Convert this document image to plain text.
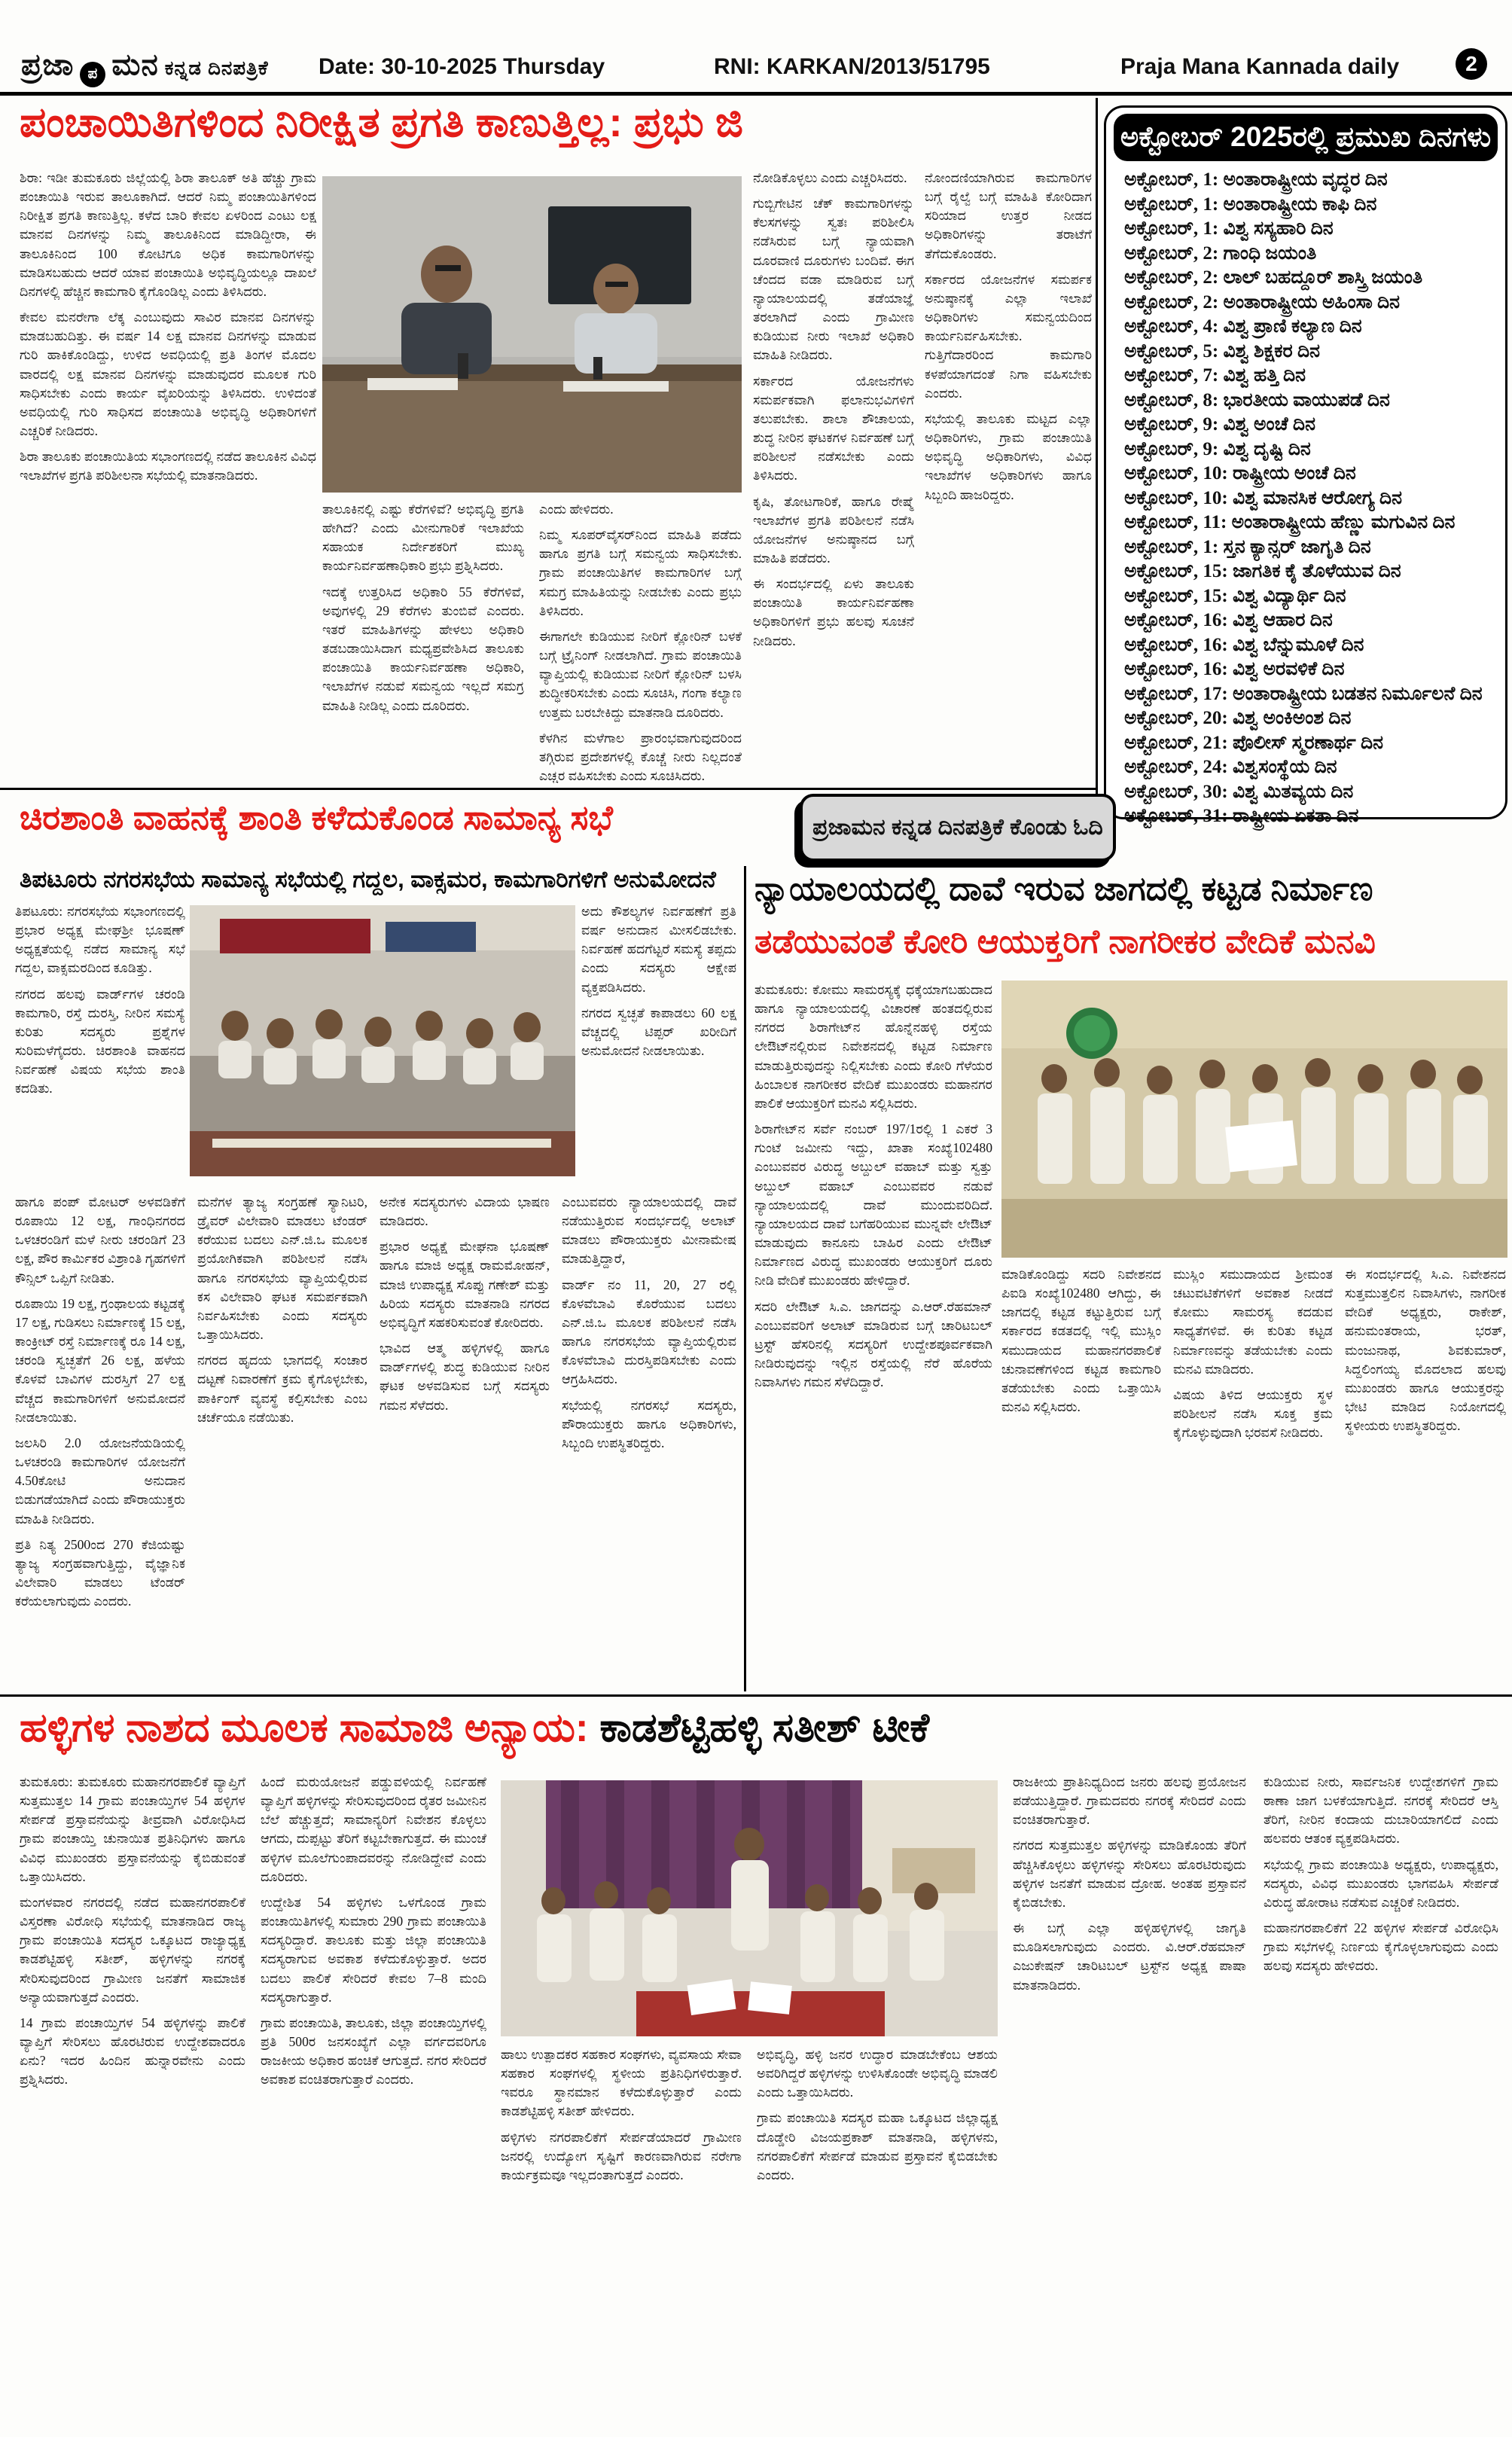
ಪ್ರಜಾ ಪ ಮನ ಕನ್ನಡ ದಿನಪತ್ರಿಕೆ Date: 30-10-2025 Thursday	RNI: KARKAN/2013/51795	Praja Mana Kannada daily	2
ಪಂಚಾಯಿತಿಗಳಿಂದ ನಿರೀಕ್ಷಿತ ಪ್ರಗತಿ ಕಾಣುತ್ತಿಲ್ಲ: ಪ್ರಭು ಜಿ

ಶಿರಾ: ಇಡೀ ತುಮಕೂರು ಜಿಲ್ಲೆಯಲ್ಲಿ ಶಿರಾ ತಾಲೂಕ್ ಅತಿ ಹೆಚ್ಚು ಗ್ರಾಮ ಪಂಚಾಯಿತಿ ಇರುವ ತಾಲೂಕಾಗಿದೆ. ಆದರೆ ನಿಮ್ಮ ಪಂಚಾಯಿತಿಗಳಿಂದ ನಿರೀಕ್ಷಿತ ಪ್ರಗತಿ ಕಾಣುತ್ತಿಲ್ಲ. ಕಳೆದ ಬಾರಿ ಕೇವಲ ಏಳರಿಂದ ಎಂಟು ಲಕ್ಷ ಮಾನವ ದಿನಗಳನ್ನು ನಿಮ್ಮ ತಾಲೂಕಿನಿಂದ ಮಾಡಿದ್ದೀರಾ, ಈ ತಾಲೂಕಿನಿಂದ 100 ಕೋಟಿಗೂ ಅಧಿಕ ಕಾಮಗಾರಿಗಳನ್ನು ಮಾಡಿಸಬಹುದು ಆದರೆ ಯಾವ ಪಂಚಾಯಿತಿ ಅಭಿವೃದ್ಧಿಯಲ್ಲೂ ದಾಖಲೆ ದಿನಗಳಲ್ಲಿ ಹೆಚ್ಚಿನ ಕಾಮಗಾರಿ ಕೈಗೊಂಡಿಲ್ಲ ಎಂದು ತಿಳಿಸಿದರು.

ಕೇವಲ ಮನರೇಗಾ ಲೆಕ್ಕ ಎಂಬುವುದು ಸಾವಿರ ಮಾನವ ದಿನಗಳನ್ನು ಮಾಡಬಹುದಿತ್ತು. ಈ ವರ್ಷ 14 ಲಕ್ಷ ಮಾನವ ದಿನಗಳನ್ನು ಮಾಡುವ ಗುರಿ ಹಾಕಿಕೊಂಡಿದ್ದು, ಉಳಿದ ಅವಧಿಯಲ್ಲಿ ಪ್ರತಿ ತಿಂಗಳ ಮೊದಲ ವಾರದಲ್ಲಿ ಲಕ್ಷ ಮಾನವ ದಿನಗಳನ್ನು ಮಾಡುವುದರ ಮೂಲಕ ಗುರಿ ಸಾಧಿಸಬೇಕು ಎಂದು ಕಾರ್ಯ ವೈಖರಿಯನ್ನು ತಿಳಿಸಿದರು. ಉಳಿದಂತೆ ಅವಧಿಯಲ್ಲಿ ಗುರಿ ಸಾಧಿಸದ ಪಂಚಾಯಿತಿ ಅಭಿವೃದ್ಧಿ ಅಧಿಕಾರಿಗಳಿಗೆ ಎಚ್ಚರಿಕೆ ನೀಡಿದರು.

ಶಿರಾ ತಾಲೂಕು ಪಂಚಾಯಿತಿಯ ಸಭಾಂಗಣದಲ್ಲಿ ನಡೆದ ತಾಲೂಕಿನ ವಿವಿಧ ಇಲಾಖೆಗಳ ಪ್ರಗತಿ ಪರಿಶೀಲನಾ ಸಭೆಯಲ್ಲಿ ಮಾತನಾಡಿದರು.

ತಾಲೂಕಿನಲ್ಲಿ ಎಷ್ಟು ಕೆರೆಗಳಿವೆ? ಅಭಿವೃದ್ಧಿ ಪ್ರಗತಿ ಹೇಗಿದೆ? ಎಂದು ಮೀನುಗಾರಿಕೆ ಇಲಾಖೆಯ ಸಹಾಯಕ ನಿರ್ದೇಶಕರಿಗೆ ಮುಖ್ಯ ಕಾರ್ಯನಿರ್ವಹಣಾಧಿಕಾರಿ ಪ್ರಭು ಪ್ರಶ್ನಿಸಿದರು.

ಇದಕ್ಕೆ ಉತ್ತರಿಸಿದ ಅಧಿಕಾರಿ 55 ಕೆರೆಗಳಿವೆ, ಅವುಗಳಲ್ಲಿ 29 ಕೆರೆಗಳು ತುಂಬಿವೆ ಎಂದರು. ಇತರೆ ಮಾಹಿತಿಗಳನ್ನು ಹೇಳಲು ಅಧಿಕಾರಿ ತಡಬಡಾಯಿಸಿದಾಗ ಮಧ್ಯಪ್ರವೇಶಿಸಿದ ತಾಲೂಕು ಪಂಚಾಯಿತಿ ಕಾರ್ಯನಿರ್ವಹಣಾ ಅಧಿಕಾರಿ, ಇಲಾಖೆಗಳ ನಡುವೆ ಸಮನ್ವಯ ಇಲ್ಲದೆ ಸಮಗ್ರ ಮಾಹಿತಿ ನೀಡಿಲ್ಲ ಎಂದು ದೂರಿದರು.

ಎಂದು ಹೇಳಿದರು.

ನಿಮ್ಮ ಸೂಪರ್‌ವೈಸರ್‌ನಿಂದ ಮಾಹಿತಿ ಪಡೆದು ಹಾಗೂ ಪ್ರಗತಿ ಬಗ್ಗೆ ಸಮನ್ವಯ ಸಾಧಿಸಬೇಕು. ಗ್ರಾಮ ಪಂಚಾಯಿತಿಗಳ ಕಾಮಗಾರಿಗಳ ಬಗ್ಗೆ ಸಮಗ್ರ ಮಾಹಿತಿಯನ್ನು ನೀಡಬೇಕು ಎಂದು ಪ್ರಭು ತಿಳಿಸಿದರು.

ಈಗಾಗಲೇ ಕುಡಿಯುವ ನೀರಿಗೆ ಕ್ಲೋರಿನ್ ಬಳಕೆ ಬಗ್ಗೆ ಟ್ರೈನಿಂಗ್ ನೀಡಲಾಗಿದೆ. ಗ್ರಾಮ ಪಂಚಾಯಿತಿ ವ್ಯಾಪ್ತಿಯಲ್ಲಿ ಕುಡಿಯುವ ನೀರಿಗೆ ಕ್ಲೋರಿನ್ ಬಳಸಿ ಶುದ್ಧೀಕರಿಸಬೇಕು ಎಂದು ಸೂಚಿಸಿ, ಗಂಗಾ ಕಲ್ಯಾಣ ಉತ್ತಮ ಬರಬೇಕಿದ್ದು ಮಾತನಾಡಿ ದೂರಿದರು.

ಕೆಳಗಿನ ಮಳೆಗಾಲ ಪ್ರಾರಂಭವಾಗುವುದರಿಂದ ತಗ್ಗಿರುವ ಪ್ರದೇಶಗಳಲ್ಲಿ ಕೊಚ್ಚೆ ನೀರು ನಿಲ್ಲದಂತೆ ಎಚ್ಚರ ವಹಿಸಬೇಕು ಎಂದು ಸೂಚಿಸಿದರು.

ನೋಡಿಕೊಳ್ಳಲು ಎಂದು ಎಚ್ಚರಿಸಿದರು.

ಗುಬ್ಬಿಗೇಟಿನ ಚೆಕ್ ಕಾಮಗಾರಿಗಳನ್ನು ಕೆಲಸಗಳನ್ನು ಸ್ವತಃ ಪರಿಶೀಲಿಸಿ ನಡೆಸಿರುವ ಬಗ್ಗೆ ನ್ಯಾಯವಾಗಿ ದೂರವಾಣಿ ದೂರುಗಳು ಬಂದಿವೆ. ಈಗ ಚೆಂದದ ವಡಾ ಮಾಡಿರುವ ಬಗ್ಗೆ ನ್ಯಾಯಾಲಯದಲ್ಲಿ ತಡೆಯಾಜ್ಞೆ ತರಲಾಗಿದೆ ಎಂದು ಗ್ರಾಮೀಣ ಕುಡಿಯುವ ನೀರು ಇಲಾಖೆ ಅಧಿಕಾರಿ ಮಾಹಿತಿ ನೀಡಿದರು.

ಸರ್ಕಾರದ ಯೋಜನೆಗಳು ಸಮರ್ಪಕವಾಗಿ ಫಲಾನುಭವಿಗಳಿಗೆ ತಲುಪಬೇಕು. ಶಾಲಾ ಶೌಚಾಲಯ, ಶುದ್ಧ ನೀರಿನ ಘಟಕಗಳ ನಿರ್ವಹಣೆ ಬಗ್ಗೆ ಪರಿಶೀಲನೆ ನಡೆಸಬೇಕು ಎಂದು ತಿಳಿಸಿದರು.

ಕೃಷಿ, ತೋಟಗಾರಿಕೆ, ಹಾಗೂ ರೇಷ್ಮೆ ಇಲಾಖೆಗಳ ಪ್ರಗತಿ ಪರಿಶೀಲನೆ ನಡೆಸಿ ಯೋಜನೆಗಳ ಅನುಷ್ಠಾನದ ಬಗ್ಗೆ ಮಾಹಿತಿ ಪಡೆದರು.

ಈ ಸಂದರ್ಭದಲ್ಲಿ ಏಳು ತಾಲೂಕು ಪಂಚಾಯಿತಿ ಕಾರ್ಯನಿರ್ವಹಣಾ ಅಧಿಕಾರಿಗಳಿಗೆ ಪ್ರಭು ಹಲವು ಸೂಚನೆ ನೀಡಿದರು.

ನೋಂದಣಿಯಾಗಿರುವ ಕಾಮಗಾರಿಗಳ ಬಗ್ಗೆ ರೈಲ್ವೆ ಬಗ್ಗೆ ಮಾಹಿತಿ ಕೋರಿದಾಗ ಸರಿಯಾದ ಉತ್ತರ ನೀಡದ ಅಧಿಕಾರಿಗಳನ್ನು ತರಾಟೆಗೆ ತೆಗೆದುಕೊಂಡರು.

ಸರ್ಕಾರದ ಯೋಜನೆಗಳ ಸಮರ್ಪಕ ಅನುಷ್ಠಾನಕ್ಕೆ ಎಲ್ಲಾ ಇಲಾಖೆ ಅಧಿಕಾರಿಗಳು ಸಮನ್ವಯದಿಂದ ಕಾರ್ಯನಿರ್ವಹಿಸಬೇಕು. ಗುತ್ತಿಗೆದಾರರಿಂದ ಕಾಮಗಾರಿ ಕಳಪೆಯಾಗದಂತೆ ನಿಗಾ ವಹಿಸಬೇಕು ಎಂದರು.

ಸಭೆಯಲ್ಲಿ ತಾಲೂಕು ಮಟ್ಟದ ಎಲ್ಲಾ ಅಧಿಕಾರಿಗಳು, ಗ್ರಾಮ ಪಂಚಾಯಿತಿ ಅಭಿವೃದ್ಧಿ ಅಧಿಕಾರಿಗಳು, ವಿವಿಧ ಇಲಾಖೆಗಳ ಅಧಿಕಾರಿಗಳು ಹಾಗೂ ಸಿಬ್ಬಂದಿ ಹಾಜರಿದ್ದರು.

ಅಕ್ಟೋಬರ್ 2025ರಲ್ಲಿ ಪ್ರಮುಖ ದಿನಗಳು
ಅಕ್ಟೋಬರ್, 1: ಅಂತಾರಾಷ್ಟ್ರೀಯ ವೃದ್ಧರ ದಿನ
ಅಕ್ಟೋಬರ್, 1: ಅಂತಾರಾಷ್ಟ್ರೀಯ ಕಾಫಿ ದಿನ
ಅಕ್ಟೋಬರ್, 1: ವಿಶ್ವ ಸಸ್ಯಹಾರಿ ದಿನ
ಅಕ್ಟೋಬರ್, 2: ಗಾಂಧಿ ಜಯಂತಿ
ಅಕ್ಟೋಬರ್, 2: ಲಾಲ್ ಬಹದ್ದೂರ್ ಶಾಸ್ತ್ರಿ ಜಯಂತಿ
ಅಕ್ಟೋಬರ್, 2: ಅಂತಾರಾಷ್ಟ್ರೀಯ ಅಹಿಂಸಾ ದಿನ
ಅಕ್ಟೋಬರ್, 4: ವಿಶ್ವ ಪ್ರಾಣಿ ಕಲ್ಯಾಣ ದಿನ
ಅಕ್ಟೋಬರ್, 5: ವಿಶ್ವ ಶಿಕ್ಷಕರ ದಿನ
ಅಕ್ಟೋಬರ್, 7: ವಿಶ್ವ ಹತ್ತಿ ದಿನ
ಅಕ್ಟೋಬರ್, 8: ಭಾರತೀಯ ವಾಯುಪಡೆ ದಿನ
ಅಕ್ಟೋಬರ್, 9: ವಿಶ್ವ ಅಂಚೆ ದಿನ
ಅಕ್ಟೋಬರ್, 9: ವಿಶ್ವ ದೃಷ್ಟಿ ದಿನ
ಅಕ್ಟೋಬರ್, 10: ರಾಷ್ಟ್ರೀಯ ಅಂಚೆ ದಿನ
ಅಕ್ಟೋಬರ್, 10: ವಿಶ್ವ ಮಾನಸಿಕ ಆರೋಗ್ಯ ದಿನ
ಅಕ್ಟೋಬರ್, 11: ಅಂತಾರಾಷ್ಟ್ರೀಯ ಹೆಣ್ಣು ಮಗುವಿನ ದಿನ
ಅಕ್ಟೋಬರ್, 1: ಸ್ತನ ಕ್ಯಾನ್ಸರ್ ಜಾಗೃತಿ ದಿನ
ಅಕ್ಟೋಬರ್, 15: ಜಾಗತಿಕ ಕೈ ತೊಳೆಯುವ ದಿನ
ಅಕ್ಟೋಬರ್, 15: ವಿಶ್ವ ವಿದ್ಯಾರ್ಥಿ ದಿನ
ಅಕ್ಟೋಬರ್, 16: ವಿಶ್ವ ಆಹಾರ ದಿನ
ಅಕ್ಟೋಬರ್, 16: ವಿಶ್ವ ಬೆನ್ನುಮೂಳೆ ದಿನ
ಅಕ್ಟೋಬರ್, 16: ವಿಶ್ವ ಅರವಳಿಕೆ ದಿನ
ಅಕ್ಟೋಬರ್, 17: ಅಂತಾರಾಷ್ಟ್ರೀಯ ಬಡತನ ನಿರ್ಮೂಲನೆ ದಿನ
ಅಕ್ಟೋಬರ್, 20: ವಿಶ್ವ ಅಂಕಿಅಂಶ ದಿನ
ಅಕ್ಟೋಬರ್, 21: ಪೊಲೀಸ್ ಸ್ಮರಣಾರ್ಥ ದಿನ
ಅಕ್ಟೋಬರ್, 24: ವಿಶ್ವಸಂಸ್ಥೆಯ ದಿನ
ಅಕ್ಟೋಬರ್, 30: ವಿಶ್ವ ಮಿತವ್ಯಯ ದಿನ
ಅಕ್ಟೋಬರ್, 31: ರಾಷ್ಟ್ರೀಯ ಏಕತಾ ದಿನ
ಚಿರಶಾಂತಿ ವಾಹನಕ್ಕೆ ಶಾಂತಿ ಕಳೆದುಕೊಂಡ ಸಾಮಾನ್ಯ ಸಭೆ	ಪ್ರಜಾಮನ ಕನ್ನಡ ದಿನಪತ್ರಿಕೆ ಕೊಂಡು ಓದಿ
ತಿಪಟೂರು ನಗರಸಭೆಯ ಸಾಮಾನ್ಯ ಸಭೆಯಲ್ಲಿ ಗದ್ದಲ, ವಾಕ್ಸಮರ, ಕಾಮಗಾರಿಗಳಿಗೆ ಅನುಮೋದನೆ

ತಿಪಟೂರು: ನಗರಸಭೆಯ ಸಭಾಂಗಣದಲ್ಲಿ ಪ್ರಭಾರ ಅಧ್ಯಕ್ಷ ಮೇಘಶ್ರೀ ಭೂಷಣ್ ಅಧ್ಯಕ್ಷತೆಯಲ್ಲಿ ನಡೆದ ಸಾಮಾನ್ಯ ಸಭೆ ಗದ್ದಲ, ವಾಕ್ಸಮರದಿಂದ ಕೂಡಿತ್ತು.

ನಗರದ ಹಲವು ವಾರ್ಡ್‌ಗಳ ಚರಂಡಿ ಕಾಮಗಾರಿ, ರಸ್ತೆ ದುರಸ್ತಿ, ನೀರಿನ ಸಮಸ್ಯೆ ಕುರಿತು ಸದಸ್ಯರು ಪ್ರಶ್ನೆಗಳ ಸುರಿಮಳೆಗೈದರು. ಚಿರಶಾಂತಿ ವಾಹನದ ನಿರ್ವಹಣೆ ವಿಷಯ ಸಭೆಯ ಶಾಂತಿ ಕದಡಿತು.

ಅದು ಕೌಶಲ್ಯಗಳ ನಿರ್ವಹಣೆಗೆ ಪ್ರತಿ ವರ್ಷ ಅನುದಾನ ಮೀಸಲಿಡಬೇಕು. ನಿರ್ವಹಣೆ ಹದಗೆಟ್ಟರೆ ಸಮಸ್ಯೆ ತಪ್ಪದು ಎಂದು ಸದಸ್ಯರು ಆಕ್ಷೇಪ ವ್ಯಕ್ತಪಡಿಸಿದರು.

ನಗರದ ಸ್ವಚ್ಛತೆ ಕಾಪಾಡಲು 60 ಲಕ್ಷ ವೆಚ್ಚದಲ್ಲಿ ಟಿಪ್ಪರ್ ಖರೀದಿಗೆ ಅನುಮೋದನೆ ನೀಡಲಾಯಿತು.

ಹಾಗೂ ಪಂಪ್ ಮೋಟರ್ ಅಳವಡಿಕೆಗೆ ರೂಪಾಯಿ 12 ಲಕ್ಷ, ಗಾಂಧಿನಗರದ ಒಳಚರಂಡಿಗೆ ಮಳೆ ನೀರು ಚರಂಡಿಗೆ 23 ಲಕ್ಷ, ಪೌರ ಕಾರ್ಮಿಕರ ವಿಶ್ರಾಂತಿ ಗೃಹಗಳಿಗೆ ಕೌನ್ಸಿಲ್ ಒಪ್ಪಿಗೆ ನೀಡಿತು.

ರೂಪಾಯಿ 19 ಲಕ್ಷ, ಗ್ರಂಥಾಲಯ ಕಟ್ಟಡಕ್ಕೆ 17 ಲಕ್ಷ, ಗುಡಿಸಲು ನಿರ್ಮಾಣಕ್ಕೆ 15 ಲಕ್ಷ, ಕಾಂಕ್ರೀಟ್ ರಸ್ತೆ ನಿರ್ಮಾಣಕ್ಕೆ ರೂ 14 ಲಕ್ಷ, ಚರಂಡಿ ಸ್ವಚ್ಛತೆಗೆ 26 ಲಕ್ಷ, ಹಳೆಯ ಕೊಳವೆ ಬಾವಿಗಳ ದುರಸ್ತಿಗೆ 27 ಲಕ್ಷ ವೆಚ್ಚದ ಕಾಮಗಾರಿಗಳಿಗೆ ಅನುಮೋದನೆ ನೀಡಲಾಯಿತು.

ಜಲಸಿರಿ 2.0 ಯೋಜನೆಯಡಿಯಲ್ಲಿ ಒಳಚರಂಡಿ ಕಾಮಗಾರಿಗಳ ಯೋಜನೆಗೆ 4.50ಕೋಟಿ ಅನುದಾನ ಬಿಡುಗಡೆಯಾಗಿದೆ ಎಂದು ಪೌರಾಯುಕ್ತರು ಮಾಹಿತಿ ನೀಡಿದರು.

ಪ್ರತಿ ನಿತ್ಯ 2500ಂದ 270 ಕೆಜಿಯಷ್ಟು ತ್ಯಾಜ್ಯ ಸಂಗ್ರಹವಾಗುತ್ತಿದ್ದು, ವೈಜ್ಞಾನಿಕ ವಿಲೇವಾರಿ ಮಾಡಲು ಟೆಂಡರ್ ಕರೆಯಲಾಗುವುದು ಎಂದರು.

ಮನೆಗಳ ತ್ಯಾಜ್ಯ ಸಂಗ್ರಹಣೆ ಸ್ಯಾನಿಟರಿ, ಡ್ರೈವರ್ ವಿಲೇವಾರಿ ಮಾಡಲು ಟೆಂಡರ್ ಕರೆಯುವ ಬದಲು ಎನ್.ಜಿ.ಒ ಮೂಲಕ ಪ್ರಯೋಗಿಕವಾಗಿ ಪರಿಶೀಲನೆ ನಡೆಸಿ ಹಾಗೂ ನಗರಸಭೆಯ ವ್ಯಾಪ್ತಿಯಲ್ಲಿರುವ ಕಸ ವಿಲೇವಾರಿ ಘಟಕ ಸಮರ್ಪಕವಾಗಿ ನಿರ್ವಹಿಸಬೇಕು ಎಂದು ಸದಸ್ಯರು ಒತ್ತಾಯಿಸಿದರು.

ನಗರದ ಹೃದಯ ಭಾಗದಲ್ಲಿ ಸಂಚಾರ ದಟ್ಟಣೆ ನಿವಾರಣೆಗೆ ಕ್ರಮ ಕೈಗೊಳ್ಳಬೇಕು, ಪಾರ್ಕಿಂಗ್ ವ್ಯವಸ್ಥೆ ಕಲ್ಪಿಸಬೇಕು ಎಂಬ ಚರ್ಚೆಯೂ ನಡೆಯಿತು.

ಅನೇಕ ಸದಸ್ಯರುಗಳು ವಿದಾಯ ಭಾಷಣ ಮಾಡಿದರು.

ಪ್ರಭಾರ ಅಧ್ಯಕ್ಷೆ ಮೇಘನಾ ಭೂಷಣ್ ಹಾಗೂ ಮಾಜಿ ಅಧ್ಯಕ್ಷ ರಾಮಮೋಹನ್, ಮಾಜಿ ಉಪಾಧ್ಯಕ್ಷ ಸೊಪ್ಪು ಗಣೇಶ್ ಮತ್ತು ಹಿರಿಯ ಸದಸ್ಯರು ಮಾತನಾಡಿ ನಗರದ ಅಭಿವೃದ್ಧಿಗೆ ಸಹಕರಿಸುವಂತೆ ಕೋರಿದರು.

ಭಾವಿದ ಆತ್ಮ ಹಳ್ಳಿಗಳಲ್ಲಿ ಹಾಗೂ ವಾರ್ಡ್‌ಗಳಲ್ಲಿ ಶುದ್ಧ ಕುಡಿಯುವ ನೀರಿನ ಘಟಕ ಅಳವಡಿಸುವ ಬಗ್ಗೆ ಸದಸ್ಯರು ಗಮನ ಸೆಳೆದರು.

ಎಂಬುವವರು ನ್ಯಾಯಾಲಯದಲ್ಲಿ ದಾವೆ ನಡೆಯುತ್ತಿರುವ ಸಂದರ್ಭದಲ್ಲಿ ಅಲಾಟ್ ಮಾಡಲು ಪೌರಾಯುಕ್ತರು ಮೀನಾಮೇಷ ಮಾಡುತ್ತಿದ್ದಾರೆ,

ವಾರ್ಡ್ ನಂ 11, 20, 27 ರಲ್ಲಿ ಕೊಳವೆಬಾವಿ ಕೊರೆಯುವ ಬದಲು ಎನ್.ಜಿ.ಒ ಮೂಲಕ ಪರಿಶೀಲನೆ ನಡೆಸಿ ಹಾಗೂ ನಗರಸಭೆಯ ವ್ಯಾಪ್ತಿಯಲ್ಲಿರುವ ಕೊಳವೆಬಾವಿ ದುರಸ್ತಿಪಡಿಸಬೇಕು ಎಂದು ಆಗ್ರಹಿಸಿದರು.

ಸಭೆಯಲ್ಲಿ ನಗರಸಭೆ ಸದಸ್ಯರು, ಪೌರಾಯುಕ್ತರು ಹಾಗೂ ಅಧಿಕಾರಿಗಳು, ಸಿಬ್ಬಂದಿ ಉಪಸ್ಥಿತರಿದ್ದರು.

ನ್ಯಾಯಾಲಯದಲ್ಲಿ ದಾವೆ ಇರುವ ಜಾಗದಲ್ಲಿ ಕಟ್ಟಡ ನಿರ್ಮಾಣ
ತಡೆಯುವಂತೆ ಕೋರಿ ಆಯುಕ್ತರಿಗೆ ನಾಗರೀಕರ ವೇದಿಕೆ ಮನವಿ

ತುಮಕೂರು: ಕೋಮು ಸಾಮರಸ್ಯಕ್ಕೆ ಧಕ್ಕೆಯಾಗಬಹುದಾದ ಹಾಗೂ ನ್ಯಾಯಾಲಯದಲ್ಲಿ ವಿಚಾರಣೆ ಹಂತದಲ್ಲಿರುವ ನಗರದ ಶಿರಾಗೇಟ್‌ನ ಹೊನ್ನೆನಹಳ್ಳಿ ರಸ್ತೆಯ ಲೇಔಟ್‌ನಲ್ಲಿರುವ ನಿವೇಶನದಲ್ಲಿ ಕಟ್ಟಡ ನಿರ್ಮಾಣ ಮಾಡುತ್ತಿರುವುದನ್ನು ನಿಲ್ಲಿಸಬೇಕು ಎಂದು ಕೋರಿ ಗೆಳೆಯರ ಹಿಂಬಾಲಕ ನಾಗರೀಕರ ವೇದಿಕೆ ಮುಖಂಡರು ಮಹಾನಗರ ಪಾಲಿಕೆ ಆಯುಕ್ತರಿಗೆ ಮನವಿ ಸಲ್ಲಿಸಿದರು.

ಶಿರಾಗೇಟ್‌ನ ಸರ್ವೆ ನಂಬರ್ 197/1ರಲ್ಲಿ 1 ಎಕರೆ 3 ಗುಂಟೆ ಜಮೀನು ಇದ್ದು, ಖಾತಾ ಸಂಖ್ಯೆ102480 ಎಂಬುವವರ ವಿರುದ್ಧ ಅಬ್ದುಲ್ ವಹಾಬ್ ಮತ್ತು ಸ್ವತ್ತು ಅಬ್ದುಲ್ ವಹಾಬ್ ಎಂಬುವವರ ನಡುವೆ ನ್ಯಾಯಾಲಯದಲ್ಲಿ ದಾವೆ ಮುಂದುವರಿದಿದೆ. ನ್ಯಾಯಾಲಯದ ದಾವೆ ಬಗೆಹರಿಯುವ ಮುನ್ನವೇ ಲೇಔಟ್ ಮಾಡುವುದು ಕಾನೂನು ಬಾಹಿರ ಎಂದು ಲೇಔಟ್ ನಿರ್ಮಾಣದ ವಿರುದ್ಧ ಮುಖಂಡರು ಆಯುಕ್ತರಿಗೆ ದೂರು ನೀಡಿ ವೇದಿಕೆ ಮುಖಂಡರು ಹೇಳಿದ್ದಾರೆ.

ಸದರಿ ಲೇಔಟ್ ಸಿ.ಎ. ಜಾಗದನ್ನು ಎ.ಆರ್.ರೆಹಮಾನ್ ಎಂಬುವವರಿಗೆ ಅಲಾಟ್ ಮಾಡಿರುವ ಬಗ್ಗೆ ಚಾರಿಟಬಲ್ ಟ್ರಸ್ಟ್ ಹೆಸರಿನಲ್ಲಿ ಸದಸ್ಯರಿಗೆ ಉದ್ದೇಶಪೂರ್ವಕವಾಗಿ ನೀಡಿರುವುದನ್ನು ಇಲ್ಲಿನ ರಸ್ತೆಯಲ್ಲಿ ನೆರೆ ಹೊರೆಯ ನಿವಾಸಿಗಳು ಗಮನ ಸೆಳೆದಿದ್ದಾರೆ.

ಮಾಡಿಕೊಂಡಿದ್ದು ಸದರಿ ನಿವೇಶನದ ಪಿಐಡಿ ಸಂಖ್ಯೆ102480 ಆಗಿದ್ದು, ಈ ಜಾಗದಲ್ಲಿ ಕಟ್ಟಡ ಕಟ್ಟುತ್ತಿರುವ ಬಗ್ಗೆ ಸರ್ಕಾರದ ಕಡತದಲ್ಲಿ ಇಲ್ಲಿ ಮುಸ್ಲಿಂ ಸಮುದಾಯದ ಮಹಾನಗರಪಾಲಿಕೆ ಚುನಾವಣೆಗಳಿಂದ ಕಟ್ಟಡ ಕಾಮಗಾರಿ ತಡೆಯಬೇಕು ಎಂದು ಒತ್ತಾಯಿಸಿ ಮನವಿ ಸಲ್ಲಿಸಿದರು.

ಮುಸ್ಲಿಂ ಸಮುದಾಯದ ಶ್ರೀಮಂತ ಚಟುವಟಿಕೆಗಳಿಗೆ ಅವಕಾಶ ನೀಡದೆ ಕೋಮು ಸಾಮರಸ್ಯ ಕದಡುವ ಸಾಧ್ಯತೆಗಳಿವೆ. ಈ ಕುರಿತು ಕಟ್ಟಡ ನಿರ್ಮಾಣವನ್ನು ತಡೆಯಬೇಕು ಎಂದು ಮನವಿ ಮಾಡಿದರು.

ವಿಷಯ ತಿಳಿದ ಆಯುಕ್ತರು ಸ್ಥಳ ಪರಿಶೀಲನೆ ನಡೆಸಿ ಸೂಕ್ತ ಕ್ರಮ ಕೈಗೊಳ್ಳುವುದಾಗಿ ಭರವಸೆ ನೀಡಿದರು.

ಈ ಸಂದರ್ಭದಲ್ಲಿ ಸಿ.ಎ. ನಿವೇಶನದ ಸುತ್ತಮುತ್ತಲಿನ ನಿವಾಸಿಗಳು, ನಾಗರೀಕ ವೇದಿಕೆ ಅಧ್ಯಕ್ಷರು, ರಾಕೇಶ್, ಹನುಮಂತರಾಯ, ಭರತ್, ಮಂಜುನಾಥ, ಶಿವಕುಮಾರ್, ಸಿದ್ದಲಿಂಗಯ್ಯ ಮೊದಲಾದ ಹಲವು ಮುಖಂಡರು ಹಾಗೂ ಆಯುಕ್ತರನ್ನು ಭೇಟಿ ಮಾಡಿದ ನಿಯೋಗದಲ್ಲಿ ಸ್ಥಳೀಯರು ಉಪಸ್ಥಿತರಿದ್ದರು.

ಹಳ್ಳಿಗಳ ನಾಶದ ಮೂಲಕ ಸಾಮಾಜಿ ಅನ್ಯಾಯ: ಕಾಡಶೆಟ್ಟಿಹಳ್ಳಿ ಸತೀಶ್ ಟೀಕೆ

ತುಮಕೂರು: ತುಮಕೂರು ಮಹಾನಗರಪಾಲಿಕೆ ವ್ಯಾಪ್ತಿಗೆ ಸುತ್ತಮುತ್ತಲ 14 ಗ್ರಾಮ ಪಂಚಾಯ್ತಿಗಳ 54 ಹಳ್ಳಿಗಳ ಸೇರ್ಪಡೆ ಪ್ರಸ್ತಾವನೆಯನ್ನು ತೀವ್ರವಾಗಿ ವಿರೋಧಿಸಿದ ಗ್ರಾಮ ಪಂಚಾಯ್ತಿ ಚುನಾಯಿತ ಪ್ರತಿನಿಧಿಗಳು ಹಾಗೂ ವಿವಿಧ ಮುಖಂಡರು ಪ್ರಸ್ತಾವನೆಯನ್ನು ಕೈಬಿಡುವಂತೆ ಒತ್ತಾಯಿಸಿದರು.

ಮಂಗಳವಾರ ನಗರದಲ್ಲಿ ನಡೆದ ಮಹಾನಗರಪಾಲಿಕೆ ವಿಸ್ತರಣಾ ವಿರೋಧಿ ಸಭೆಯಲ್ಲಿ ಮಾತನಾಡಿದ ರಾಜ್ಯ ಗ್ರಾಮ ಪಂಚಾಯಿತಿ ಸದಸ್ಯರ ಒಕ್ಕೂಟದ ರಾಜ್ಯಾಧ್ಯಕ್ಷ ಕಾಡಶೆಟ್ಟಿಹಳ್ಳಿ ಸತೀಶ್, ಹಳ್ಳಿಗಳನ್ನು ನಗರಕ್ಕೆ ಸೇರಿಸುವುದರಿಂದ ಗ್ರಾಮೀಣ ಜನತೆಗೆ ಸಾಮಾಜಿಕ ಅನ್ಯಾಯವಾಗುತ್ತದೆ ಎಂದರು.

14 ಗ್ರಾಮ ಪಂಚಾಯ್ತಿಗಳ 54 ಹಳ್ಳಿಗಳನ್ನು ಪಾಲಿಕೆ ವ್ಯಾಪ್ತಿಗೆ ಸೇರಿಸಲು ಹೊರಟಿರುವ ಉದ್ದೇಶವಾದರೂ ಏನು? ಇದರ ಹಿಂದಿನ ಹುನ್ನಾರವೇನು ಎಂದು ಪ್ರಶ್ನಿಸಿದರು.

ಹಿಂದೆ ಮರುಯೋಜನೆ ಪಡ್ಡುವಳಿಯಲ್ಲಿ ನಿರ್ವಹಣೆ ವ್ಯಾಪ್ತಿಗೆ ಹಳ್ಳಿಗಳನ್ನು ಸೇರಿಸುವುದರಿಂದ ರೈತರ ಜಮೀನಿನ ಬೆಲೆ ಹೆಚ್ಚುತ್ತದೆ; ಸಾಮಾನ್ಯರಿಗೆ ನಿವೇಶನ ಕೊಳ್ಳಲು ಆಗದು, ದುಪ್ಪಟ್ಟು ತೆರಿಗೆ ಕಟ್ಟಬೇಕಾಗುತ್ತದೆ. ಈ ಮುಂಚೆ ಹಳ್ಳಿಗಳ ಮೂಲೆಗುಂಪಾದವರನ್ನು ನೋಡಿದ್ದೇವೆ ಎಂದು ದೂರಿದರು.

ಉದ್ದೇಶಿತ 54 ಹಳ್ಳಿಗಳು ಒಳಗೊಂಡ ಗ್ರಾಮ ಪಂಚಾಯಿತಿಗಳಲ್ಲಿ ಸುಮಾರು 290 ಗ್ರಾಮ ಪಂಚಾಯಿತಿ ಸದಸ್ಯರಿದ್ದಾರೆ. ತಾಲೂಕು ಮತ್ತು ಜಿಲ್ಲಾ ಪಂಚಾಯಿತಿ ಸದಸ್ಯರಾಗುವ ಅವಕಾಶ ಕಳೆದುಕೊಳ್ಳುತ್ತಾರೆ. ಅದರ ಬದಲು ಪಾಲಿಕೆ ಸೇರಿದರೆ ಕೇವಲ 7–8 ಮಂದಿ ಸದಸ್ಯರಾಗುತ್ತಾರೆ.

ಗ್ರಾಮ ಪಂಚಾಯಿತಿ, ತಾಲೂಕು, ಜಿಲ್ಲಾ ಪಂಚಾಯ್ತಿಗಳಲ್ಲಿ ಪ್ರತಿ 500ರ ಜನಸಂಖ್ಯೆಗೆ ಎಲ್ಲಾ ವರ್ಗದವರಿಗೂ ರಾಜಕೀಯ ಅಧಿಕಾರ ಹಂಚಿಕೆ ಆಗುತ್ತದೆ. ನಗರ ಸೇರಿದರೆ ಅವಕಾಶ ವಂಚಿತರಾಗುತ್ತಾರೆ ಎಂದರು.

ಹಾಲು ಉತ್ಪಾದಕರ ಸಹಕಾರ ಸಂಘಗಳು, ವ್ಯವಸಾಯ ಸೇವಾ ಸಹಕಾರ ಸಂಘಗಳಲ್ಲಿ ಸ್ಥಳೀಯ ಪ್ರತಿನಿಧಿಗಳಿರುತ್ತಾರೆ. ಇವರೂ ಸ್ಥಾನಮಾನ ಕಳೆದುಕೊಳ್ಳುತ್ತಾರೆ ಎಂದು ಕಾಡಶೆಟ್ಟಿಹಳ್ಳಿ ಸತೀಶ್ ಹೇಳಿದರು.

ಹಳ್ಳಿಗಳು ನಗರಪಾಲಿಕೆಗೆ ಸೇರ್ಪಡೆಯಾದರೆ ಗ್ರಾಮೀಣ ಜನರಲ್ಲಿ ಉದ್ಯೋಗ ಸೃಷ್ಟಿಗೆ ಕಾರಣವಾಗಿರುವ ನರೇಗಾ ಕಾರ್ಯಕ್ರಮವೂ ಇಲ್ಲದಂತಾಗುತ್ತದೆ ಎಂದರು.

ಅಭಿವೃದ್ಧಿ, ಹಳ್ಳಿ ಜನರ ಉದ್ಧಾರ ಮಾಡಬೇಕೆಂಬ ಆಶಯ ಅವರಿಗಿದ್ದರೆ ಹಳ್ಳಿಗಳನ್ನು ಉಳಿಸಿಕೊಂಡೇ ಅಭಿವೃದ್ಧಿ ಮಾಡಲಿ ಎಂದು ಒತ್ತಾಯಿಸಿದರು.

ಗ್ರಾಮ ಪಂಚಾಯಿತಿ ಸದಸ್ಯರ ಮಹಾ ಒಕ್ಕೂಟದ ಜಿಲ್ಲಾಧ್ಯಕ್ಷ ದೊಡ್ಡೇರಿ ವಿಜಯಪ್ರಕಾಶ್ ಮಾತನಾಡಿ, ಹಳ್ಳಿಗಳನು, ನಗರಪಾಲಿಕೆಗೆ ಸೇರ್ಪಡೆ ಮಾಡುವ ಪ್ರಸ್ತಾವನೆ ಕೈಬಿಡಬೇಕು ಎಂದರು.

ರಾಜಕೀಯ ಪ್ರಾತಿನಿಧ್ಯದಿಂದ ಜನರು ಹಲವು ಪ್ರಯೋಜನ ಪಡೆಯುತ್ತಿದ್ದಾರೆ. ಗ್ರಾಮದವರು ನಗರಕ್ಕೆ ಸೇರಿದರೆ ಎಂದು ವಂಚಿತರಾಗುತ್ತಾರೆ.

ನಗರದ ಸುತ್ತಮುತ್ತಲ ಹಳ್ಳಿಗಳನ್ನು ಮಾಡಿಕೊಂಡು ತೆರಿಗೆ ಹೆಚ್ಚಿಸಿಕೊಳ್ಳಲು ಹಳ್ಳಿಗಳನ್ನು ಸೇರಿಸಲು ಹೊರಟಿರುವುದು ಹಳ್ಳಿಗಳ ಜನತೆಗೆ ಮಾಡುವ ದ್ರೋಹ. ಅಂತಹ ಪ್ರಸ್ತಾವನೆ ಕೈಬಿಡಬೇಕು.

ಈ ಬಗ್ಗೆ ಎಲ್ಲಾ ಹಳ್ಳಿಹಳ್ಳಿಗಳಲ್ಲಿ ಜಾಗೃತಿ ಮೂಡಿಸಲಾಗುವುದು ಎಂದರು. ವಿ.ಆರ್.ರೆಹಮಾನ್ ಎಜುಕೇಷನ್ ಚಾರಿಟಬಲ್ ಟ್ರಸ್ಟ್‌ನ ಅಧ್ಯಕ್ಷ ಪಾಷಾ ಮಾತನಾಡಿದರು.

ಕುಡಿಯುವ ನೀರು, ಸಾರ್ವಜನಿಕ ಉದ್ದೇಶಗಳಿಗೆ ಗ್ರಾಮ ಠಾಣಾ ಜಾಗ ಬಳಕೆಯಾಗುತ್ತಿದೆ. ನಗರಕ್ಕೆ ಸೇರಿದರೆ ಆಸ್ತಿ ತೆರಿಗೆ, ನೀರಿನ ಕಂದಾಯ ದುಬಾರಿಯಾಗಲಿದೆ ಎಂದು ಹಲವರು ಆತಂಕ ವ್ಯಕ್ತಪಡಿಸಿದರು.

ಸಭೆಯಲ್ಲಿ ಗ್ರಾಮ ಪಂಚಾಯಿತಿ ಅಧ್ಯಕ್ಷರು, ಉಪಾಧ್ಯಕ್ಷರು, ಸದಸ್ಯರು, ವಿವಿಧ ಮುಖಂಡರು ಭಾಗವಹಿಸಿ ಸೇರ್ಪಡೆ ವಿರುದ್ಧ ಹೋರಾಟ ನಡೆಸುವ ಎಚ್ಚರಿಕೆ ನೀಡಿದರು.

ಮಹಾನಗರಪಾಲಿಕೆಗೆ 22 ಹಳ್ಳಿಗಳ ಸೇರ್ಪಡೆ ವಿರೋಧಿಸಿ ಗ್ರಾಮ ಸಭೆಗಳಲ್ಲಿ ನಿರ್ಣಯ ಕೈಗೊಳ್ಳಲಾಗುವುದು ಎಂದು ಹಲವು ಸದಸ್ಯರು ಹೇಳಿದರು.
